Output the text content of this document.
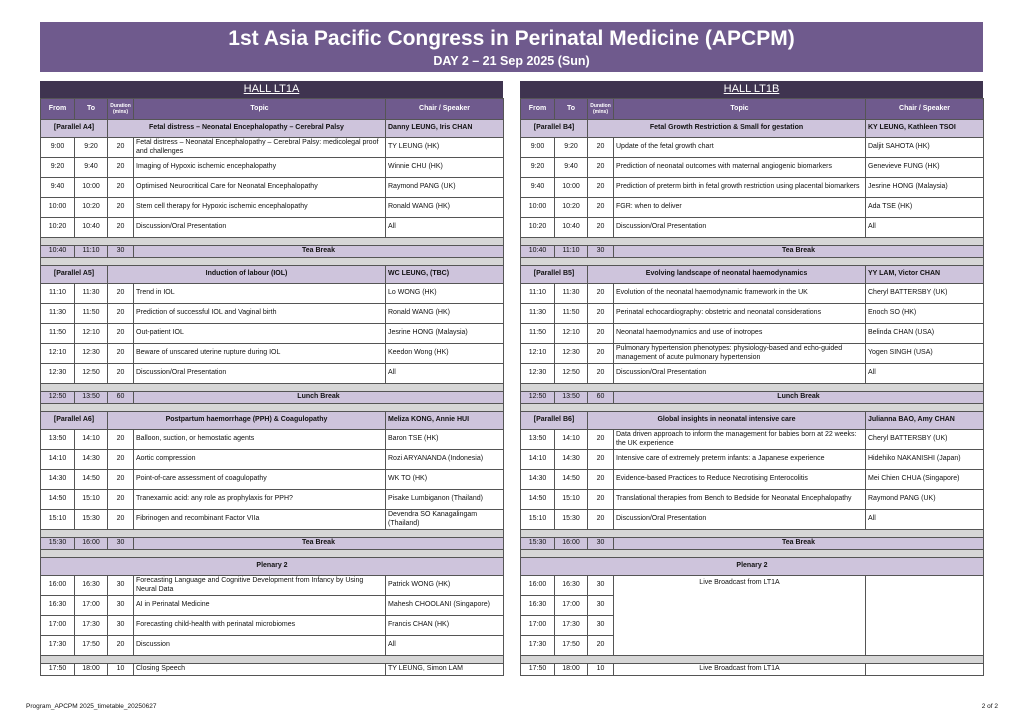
1st Asia Pacific Congress in Perinatal Medicine (APCPM)
DAY 2 – 21 Sep 2025 (Sun)
HALL LT1A
From	To	Duration (mins)	Topic	Chair / Speaker
[Parallel A4]		Fetal distress – Neonatal Encephalopathy – Cerebral Palsy		Danny LEUNG, Iris CHAN
9:00	9:20	20	Fetal distress – Neonatal Encephalopathy – Cerebral Palsy: medicolegal proof and challenges	TY LEUNG (HK)
9:20	9:40	20	Imaging of Hypoxic ischemic encephalopathy	Winnie CHU (HK)
9:40	10:00	20	Optimised Neurocritical Care for Neonatal Encephalopathy	Raymond PANG (UK)
10:00	10:20	20	Stem cell therapy for Hypoxic ischemic encephalopathy	Ronald WANG (HK)
10:20	10:40	20	Discussion/Oral Presentation	All

10:40	11:10	30	Tea Break	

[Parallel A5]		Induction of labour (IOL)		WC LEUNG, (TBC)
11:10	11:30	20	Trend in IOL	Lo WONG (HK)
11:30	11:50	20	Prediction of successful IOL and Vaginal birth	Ronald WANG (HK)
11:50	12:10	20	Out-patient IOL	Jesrine HONG (Malaysia)
12:10	12:30	20	Beware of unscared uterine rupture during IOL	Keedon Wong (HK)
12:30	12:50	20	Discussion/Oral Presentation	All

12:50	13:50	60	Lunch Break	

[Parallel A6]		Postpartum haemorrhage (PPH) & Coagulopathy		Meliza KONG, Annie HUI
13:50	14:10	20	Balloon, suction, or hemostatic agents	Baron TSE (HK)
14:10	14:30	20	Aortic compression	Rozi ARYANANDA (Indonesia)
14:30	14:50	20	Point-of-care assessment of coagulopathy	WK TO (HK)
14:50	15:10	20	Tranexamic acid: any role as prophylaxis for PPH?	Pisake Lumbiganon (Thailand)
15:10	15:30	20	Fibrinogen and recombinant Factor VIIa	Devendra SO Kanagalingam (Thailand)

15:30	16:00	30	Tea Break	

Plenary 2				
16:00	16:30	30	Forecasting Language and Cognitive Development from Infancy by Using Neural Data	Patrick WONG (HK)
16:30	17:00	30	AI in Perinatal Medicine	Mahesh CHOOLANI (Singapore)
17:00	17:30	30	Forecasting child-health with perinatal microbiomes	Francis CHAN (HK)
17:30	17:50	20	Discussion	All

17:50	18:00	10	Closing Speech	TY LEUNG, Simon LAM
HALL LT1B
From	To	Duration (mins)	Topic	Chair / Speaker
[Parallel B4]		Fetal Growth Restriction & Small for gestation		KY LEUNG, Kathleen TSOI
9:00	9:20	20	Update of the fetal growth chart	Daljit SAHOTA (HK)
9:20	9:40	20	Prediction of neonatal outcomes with maternal angiogenic biomarkers	Genevieve FUNG (HK)
9:40	10:00	20	Prediction of preterm birth in fetal growth restriction using placental biomarkers	Jesrine HONG (Malaysia)
10:00	10:20	20	FGR: when to deliver	Ada TSE (HK)
10:20	10:40	20	Discussion/Oral Presentation	All

10:40	11:10	30	Tea Break	

[Parallel B5]		Evolving landscape of neonatal haemodynamics		YY LAM, Victor CHAN
11:10	11:30	20	Evolution of the neonatal haemodynamic framework in the UK	Cheryl BATTERSBY (UK)
11:30	11:50	20	Perinatal echocardiography: obstetric and neonatal considerations	Enoch SO (HK)
11:50	12:10	20	Neonatal haemodynamics and use of inotropes	Belinda CHAN (USA)
12:10	12:30	20	Pulmonary hypertension phenotypes: physiology-based and echo-guided management of acute pulmonary hypertension	Yogen SINGH (USA)
12:30	12:50	20	Discussion/Oral Presentation	All

12:50	13:50	60	Lunch Break	

[Parallel B6]		Global insights in neonatal intensive care		Julianna BAO, Amy CHAN
13:50	14:10	20	Data driven approach to inform the management for babies born at 22 weeks: the UK experience	Cheryl BATTERSBY (UK)
14:10	14:30	20	Intensive care of extremely preterm infants: a Japanese experience	Hidehiko NAKANISHI (Japan)
14:30	14:50	20	Evidence-based Practices to Reduce Necrotising Enterocolitis	Mei Chien CHUA (Singapore)
14:50	15:10	20	Translational therapies from Bench to Bedside for Neonatal Encephalopathy	Raymond PANG (UK)
15:10	15:30	20	Discussion/Oral Presentation	All

15:30	16:00	30	Tea Break	

Plenary 2				
16:00	16:30	30	Live Broadcast from LT1A	
16:30	17:00	30		
17:00	17:30	30		
17:30	17:50	20		

17:50	18:00	10	Live Broadcast from LT1A	
Program_APCPM 2025_timetable_20250627	2 of 2
